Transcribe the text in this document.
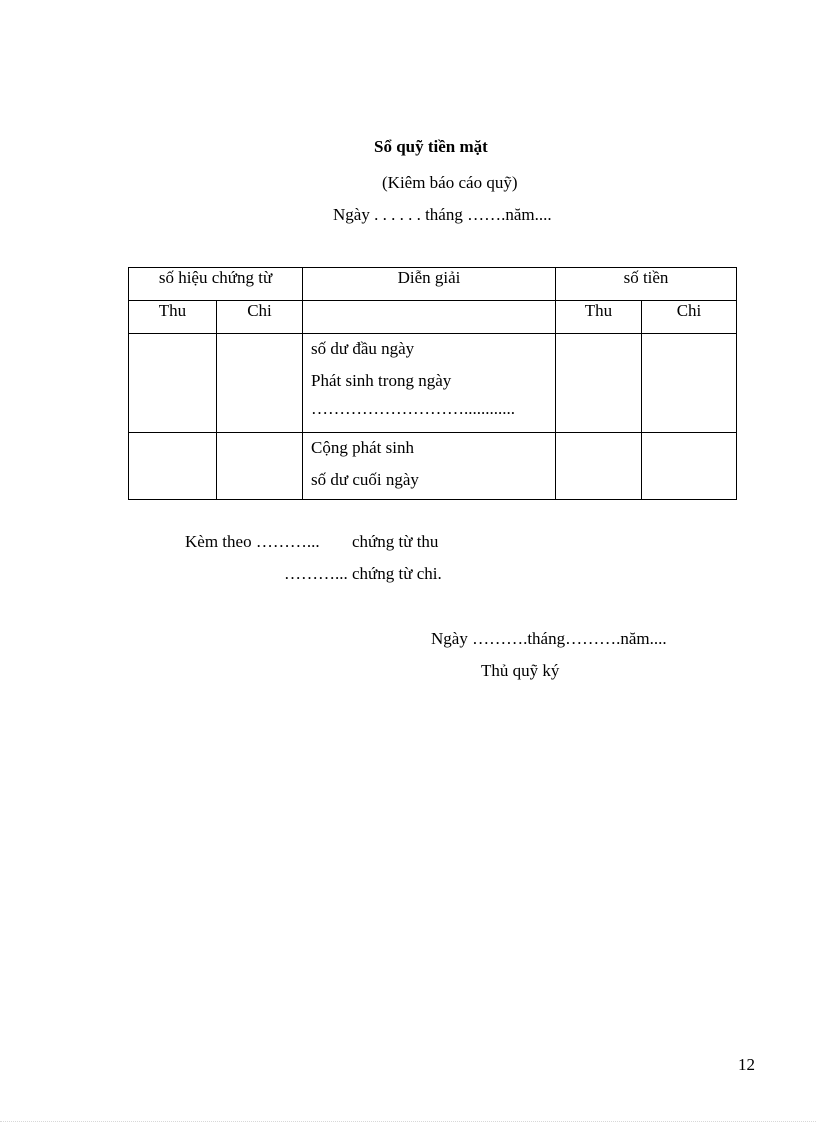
Sổ quỹ tiền mặt
(Kiêm báo cáo quỹ)
Ngày . . . . . . tháng …….năm....
số hiệu chứng từ		Diễn giải	số tiền	
Thu	Chi		Thu	Chi

		số dư đầu ngày
Phát sinh trong ngày
………………………............		

		Cộng phát sinh
số dư cuối ngày		

Kèm theo ………... chứng từ thu
………... chứng từ chi.
Ngày ……….tháng……….năm....
Thủ quỹ ký
12
